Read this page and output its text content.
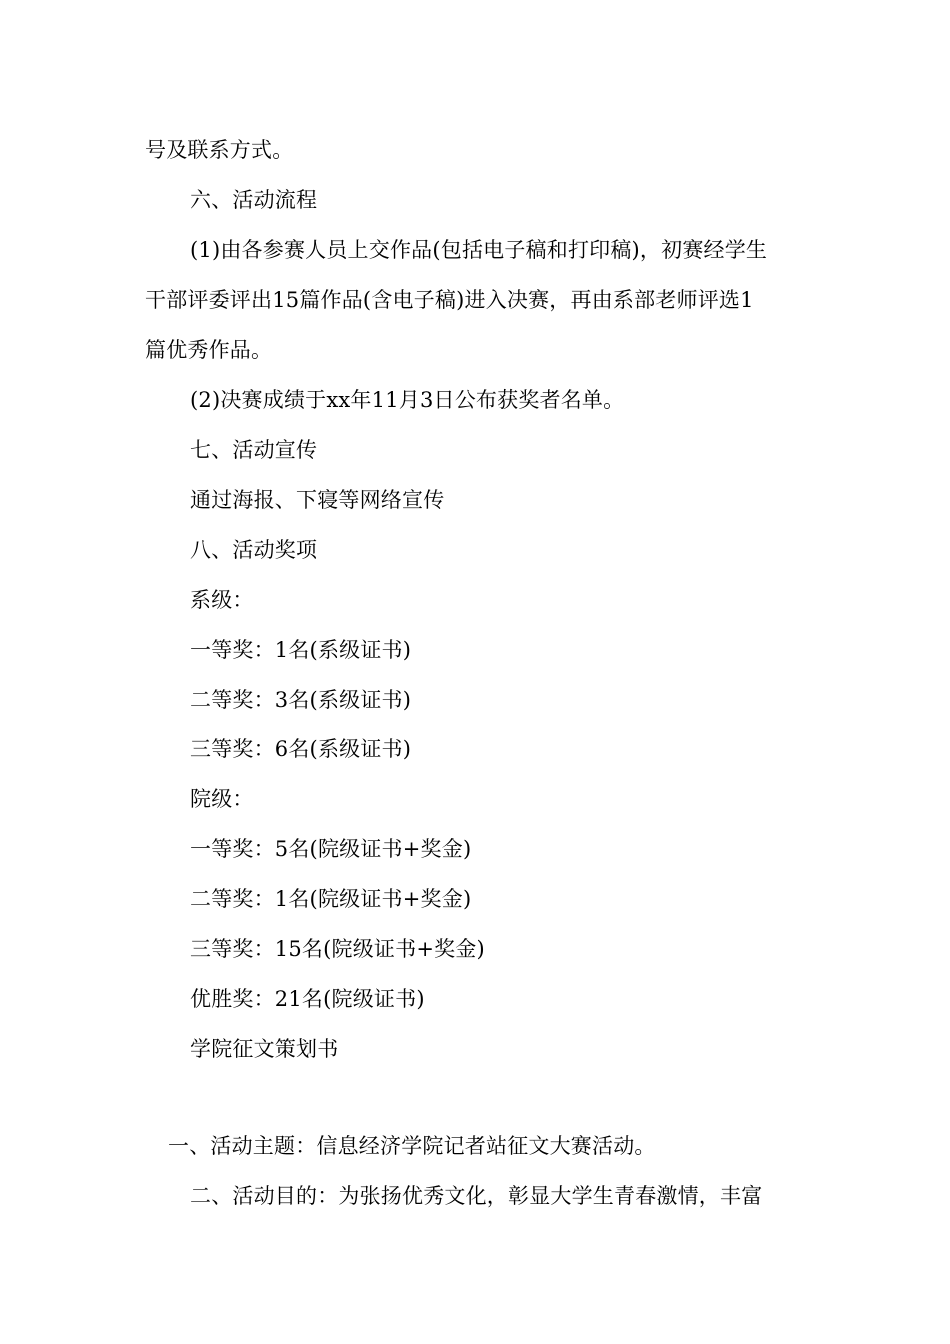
号及联系方式。
六、活动流程
(1)由各参赛人员上交作品(包括电子稿和打印稿)，初赛经学生
干部评委评出15篇作品(含电子稿)进入决赛，再由系部老师评选1
篇优秀作品。
(2)决赛成绩于xx年11月3日公布获奖者名单。
七、活动宣传
通过海报、下寝等网络宣传
八、活动奖项
系级：
一等奖：1名(系级证书)
二等奖：3名(系级证书)
三等奖：6名(系级证书)
院级：
一等奖：5名(院级证书+奖金)
二等奖：1名(院级证书+奖金)
三等奖：15名(院级证书+奖金)
优胜奖：21名(院级证书)
学院征文策划书
一、活动主题：信息经济学院记者站征文大赛活动。
二、活动目的：为张扬优秀文化，彰显大学生青春激情，丰富
